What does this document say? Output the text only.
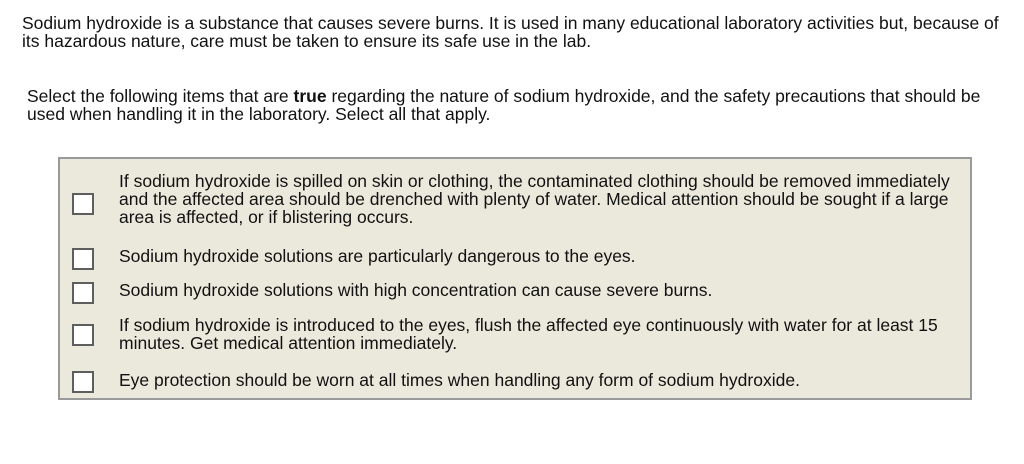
Sodium hydroxide is a substance that causes severe burns. It is used in many educational laboratory activities but, because of its hazardous nature, care must be taken to ensure its safe use in the lab.

Select the following items that are true regarding the nature of sodium hydroxide, and the safety precautions that should be used when handling it in the laboratory. Select all that apply.

If sodium hydroxide is spilled on skin or clothing, the contaminated clothing should be removed immediately and the affected area should be drenched with plenty of water. Medical attention should be sought if a large area is affected, or if blistering occurs.

Sodium hydroxide solutions are particularly dangerous to the eyes.

Sodium hydroxide solutions with high concentration can cause severe burns.

If sodium hydroxide is introduced to the eyes, flush the affected eye continuously with water for at least 15 minutes. Get medical attention immediately.

Eye protection should be worn at all times when handling any form of sodium hydroxide.
